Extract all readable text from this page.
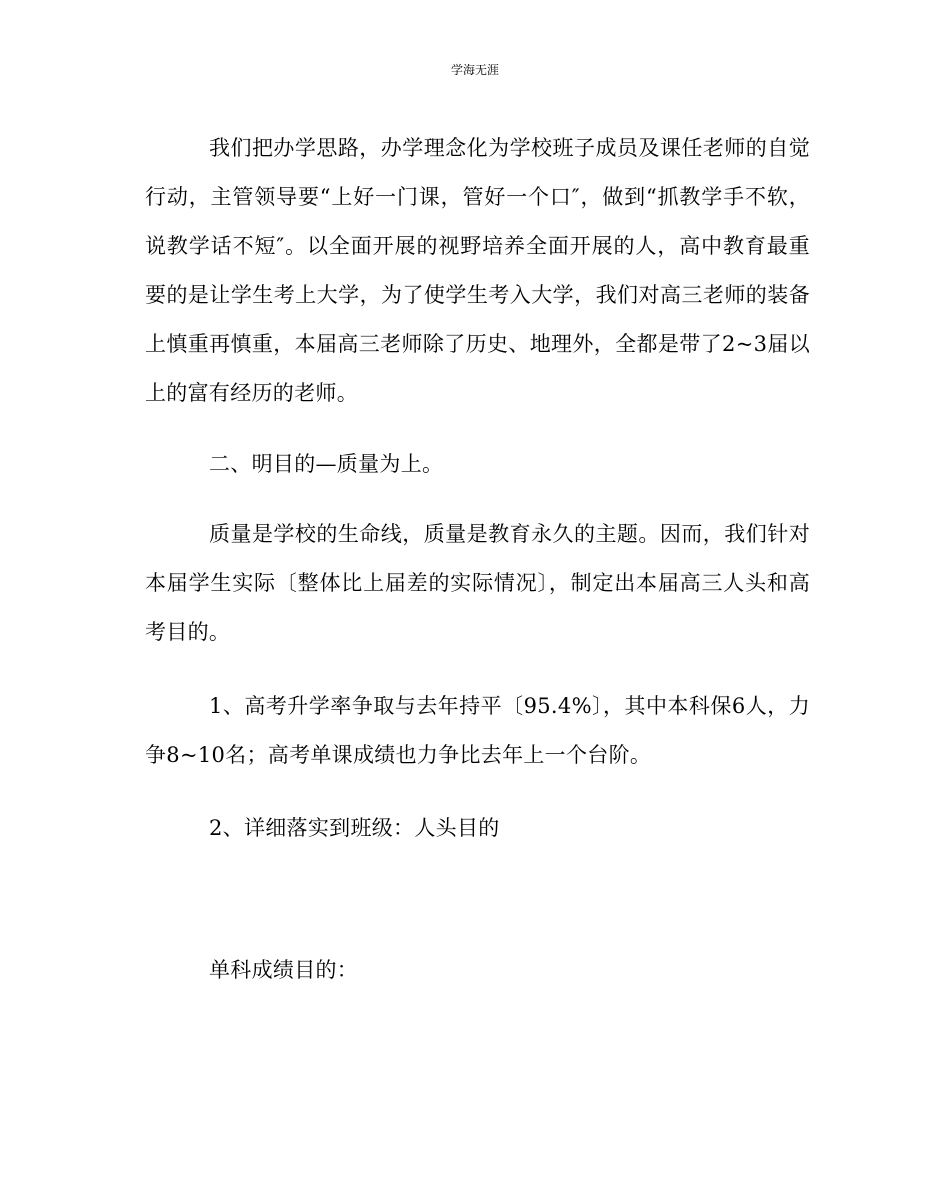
学海无涯

我们把办学思路，办学理念化为学校班子成员及课任老师的自觉行动，主管领导要“上好一门课，管好一个口″，做到“抓教学手不软，说教学话不短″。以全面开展的视野培养全面开展的人，高中教育最重要的是让学生考上大学，为了使学生考入大学，我们对高三老师的装备上慎重再慎重，本届高三老师除了历史、地理外，全都是带了2~3届以上的富有经历的老师。

二、明目的—质量为上。

质量是学校的生命线，质量是教育永久的主题。因而，我们针对本届学生实际〔整体比上届差的实际情况〕，制定出本届高三人头和高考目的。

1、高考升学率争取与去年持平〔95.4%〕，其中本科保6人，力争8~10名；高考单课成绩也力争比去年上一个台阶。

2、详细落实到班级：人头目的

单科成绩目的：
